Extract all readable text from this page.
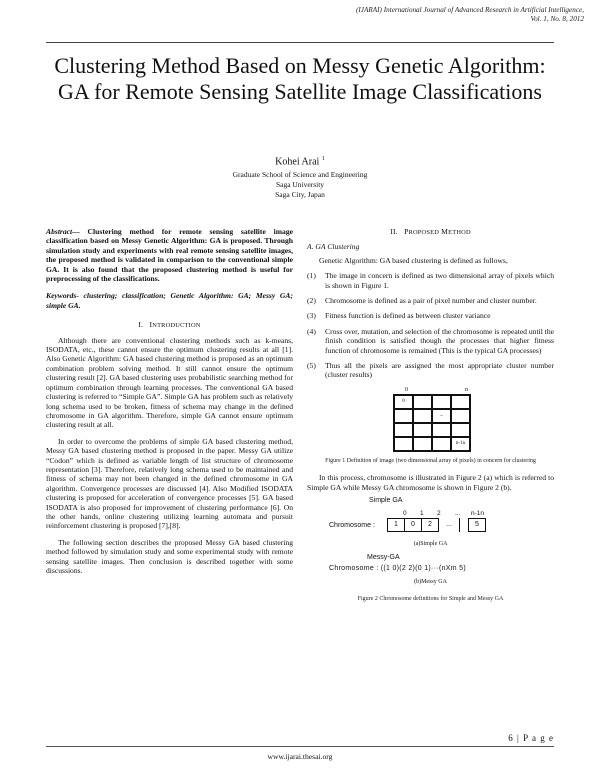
(IJARAI) International Journal of Advanced Research in Artificial Intelligence,
Vol. 1, No. 8, 2012
Clustering Method Based on Messy Genetic Algorithm: GA for Remote Sensing Satellite Image Classifications
Kohei Arai $^1$
Graduate School of Science and Engineering
Saga University
Saga City, Japan
Abstract— Clustering method for remote sensing satellite image classification based on Messy Genetic Algorithm: GA is proposed. Through simulation study and experiments with real remote sensing satellite images, the proposed method is validated in comparison to the conventional simple GA. It is also found that the proposed clustering method is useful for preprocessing of the classifications.
Keywords- clustering; classification; Genetic Algorithm: GA; Messy GA; simple GA.
I. INTRODUCTION

Although there are conventional clustering methods such as k-means, ISODATA, etc., these cannot ensure the optimum clustering results at all [1]. Also Genetic Algorithm: GA based clustering method is proposed as an optimum combination problem solving method. It still cannot ensure the optimum clustering result [2]. GA based clustering uses probabilistic searching method for optimum combination through learning processes. The conventional GA based clustering is referred to “Simple GA”. Simple GA has problem such as relatively long schema used to be broken, fitness of schema may change in the defined chromosome in GA algorithm. Therefore, simple GA cannot ensure optimum clustering result at all.

In order to overcome the problems of simple GA based clustering method, Messy GA based clustering method is proposed in the paper. Messy GA utilize “Codon” which is defined as variable length of list structure of chromosome representation [3]. Therefore, relatively long schema used to be maintained and fitness of schema may not been changed in the defined chromosome in GA algorithm. Convergence processes are discussed [4]. Also Modified ISODATA clustering is proposed for acceleration of convergence processes [5]. GA based ISODATA is also proposed for improvement of clustering performance [6]. On the other hands, online clustering utilizing learning automata and pursuit reinforcement clustering is proposed [7],[8].

The following section describes the proposed Messy GA based clustering method followed by simulation study and some experimental study with remote sensing satellite images. Then conclusion is described together with some discussions.

II. PROPOSED METHOD
A. GA Clustering

Genetic Algorithm: GA based clustering is defined as follows,

(1)	The image in concern is defined as two dimensional array of pixels which is shown in Figure 1.
(2)	Chromosome is defined as a pair of pixel number and cluster number.
(3)	Fitness function is defined as between cluster variance
(4)	Cross over, mutation, and selection of the chromosome is repeated until the finish condition is satisfied though the processes that higher fitness function of chromosome is remained (This is the typical GA processes)
(5)	Thus all the pixels are assigned the most appropriate cluster number (cluster results)
0	n
0
...
n-1n
Figure 1 Definition of image (two dimensional array of pixels) in concern for clustering

In this process, chromosome is illustrated in Figure 2 (a) which is referred to Simple GA while Messy GA chromosome is shown in Figure 2 (b).

Simple GA
0 1 2 ... n-1n
Chromosome :	1	0	2	...	5
(a)Simple GA
Messy-GA
Chromosome : ((1 0)(2 2)(0 1)···(nXm 5)
(b)Messy GA
Figure 2 Chromosome definitions for Simple and Messy GA
6 | P a g e
www.ijarai.thesai.org
